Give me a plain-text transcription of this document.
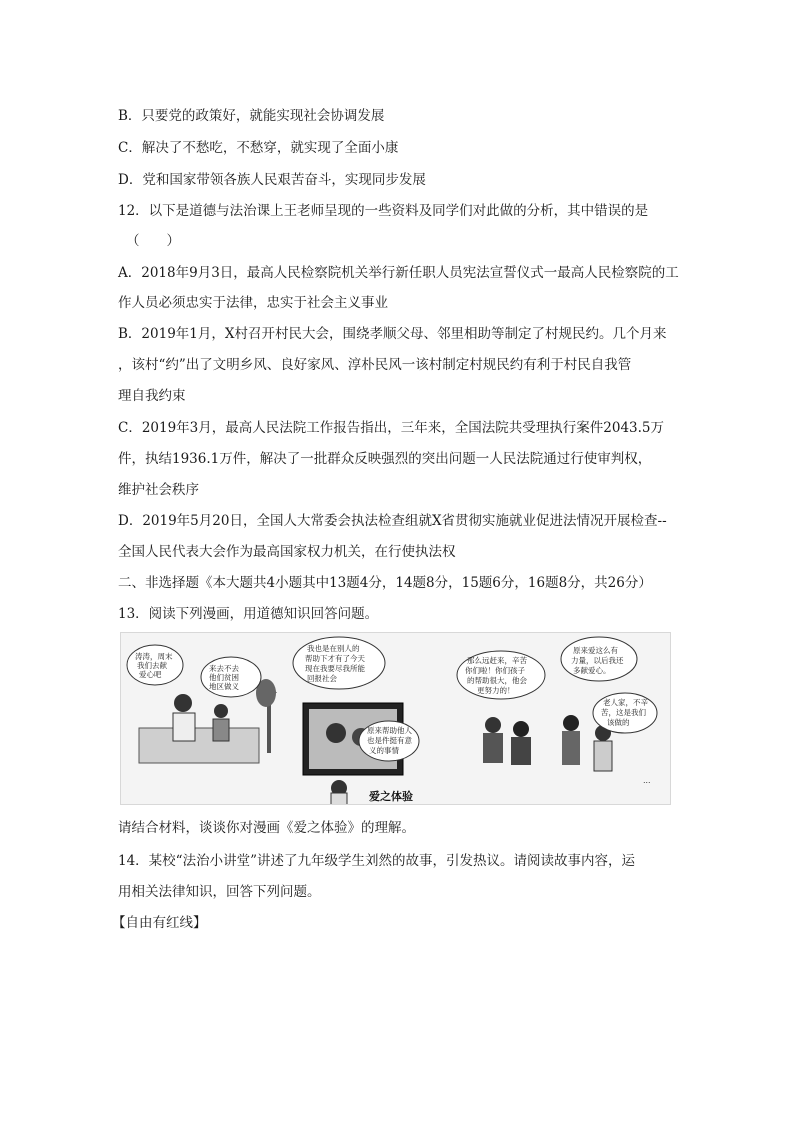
B．只要党的政策好，就能实现社会协调发展
C．解决了不愁吃，不愁穿，就实现了全面小康
D．党和国家带领各族人民艰苦奋斗，实现同步发展
12．以下是道德与法治课上王老师呈现的一些资料及同学们对此做的分析，其中错误的是
（　　）
A．2018年9月3日，最高人民检察院机关举行新任职人员宪法宣誓仪式一最高人民检察院的工
作人员必须忠实于法律，忠实于社会主义事业
B．2019年1月，X村召开村民大会，围绕孝顺父母、邻里相助等制定了村规民约。几个月来
，该村“约”出了文明乡风、良好家风、淳朴民风一该村制定村规民约有利于村民自我管
理自我约束
C．2019年3月，最高人民法院工作报告指出，三年来，全国法院共受理执行案件2043.5万
件，执结1936.1万件，解决了一批群众反映强烈的突出问题一人民法院通过行使审判权，
维护社会秩序
D．2019年5月20日，全国人大常委会执法检查组就X省贯彻实施就业促进法情况开展检查--
全国人民代表大会作为最高国家权力机关，在行使执法权
二、非选择题《本大题共4小题其中13题4分，14题8分，15题6分，16题8分，共26分）
13．阅读下列漫画，用道德知识回答问题。
涛涛，周末
我们去献
爱心吧
来去不去
他们贫困
地区做义
我也是在别人的
帮助下才有了今天
现在我要尽我所能
回报社会
原来帮助他人
也是件挺有意
义的事情
那么远赶来，辛苦
你们啦！你们孩子
的帮助很大，他会
更努力的！
原来爱这么有
力量，以后我还
多献爱心。
老人家，不辛
苦，这是我们
该做的
…
爱之体验
请结合材料，谈谈你对漫画《爱之体验》的理解。
14．某校“法治小讲堂”讲述了九年级学生刘然的故事，引发热议。请阅读故事内容，运
用相关法律知识，回答下列问题。
【自由有红线】
